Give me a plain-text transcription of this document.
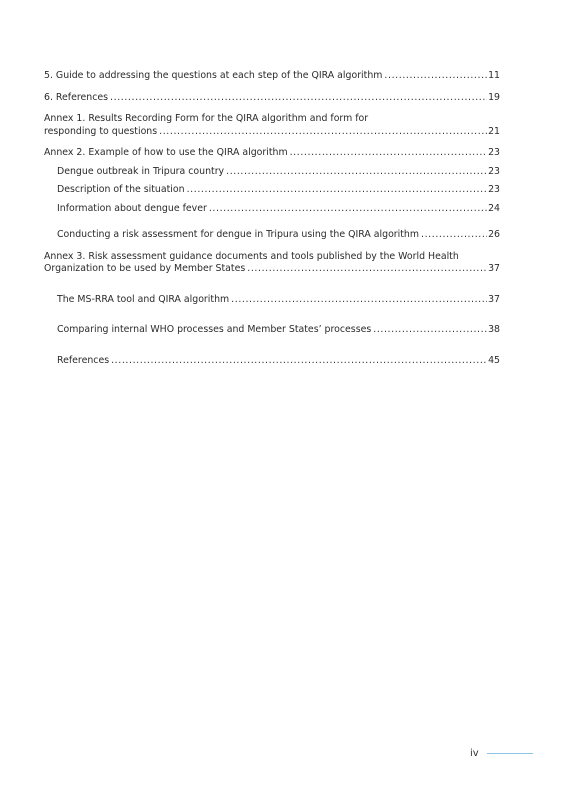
5. Guide to addressing the questions at each step of the QIRA algorithm .....	11
6. References .....	19
Annex 1. Results Recording Form for the QIRA algorithm and form for
responding to questions .....	21
Annex 2. Example of how to use the QIRA algorithm .....	23
Dengue outbreak in Tripura country .....	23
Description of the situation .....	23
Information about dengue fever .....	24
Conducting a risk assessment for dengue in Tripura using the QIRA algorithm .....	26
Annex 3. Risk assessment guidance documents and tools published by the World Health
Organization to be used by Member States .....	37
The MS-RRA tool and QIRA algorithm .....	37
Comparing internal WHO processes and Member States’ processes .....	38
References .....	45
iv
